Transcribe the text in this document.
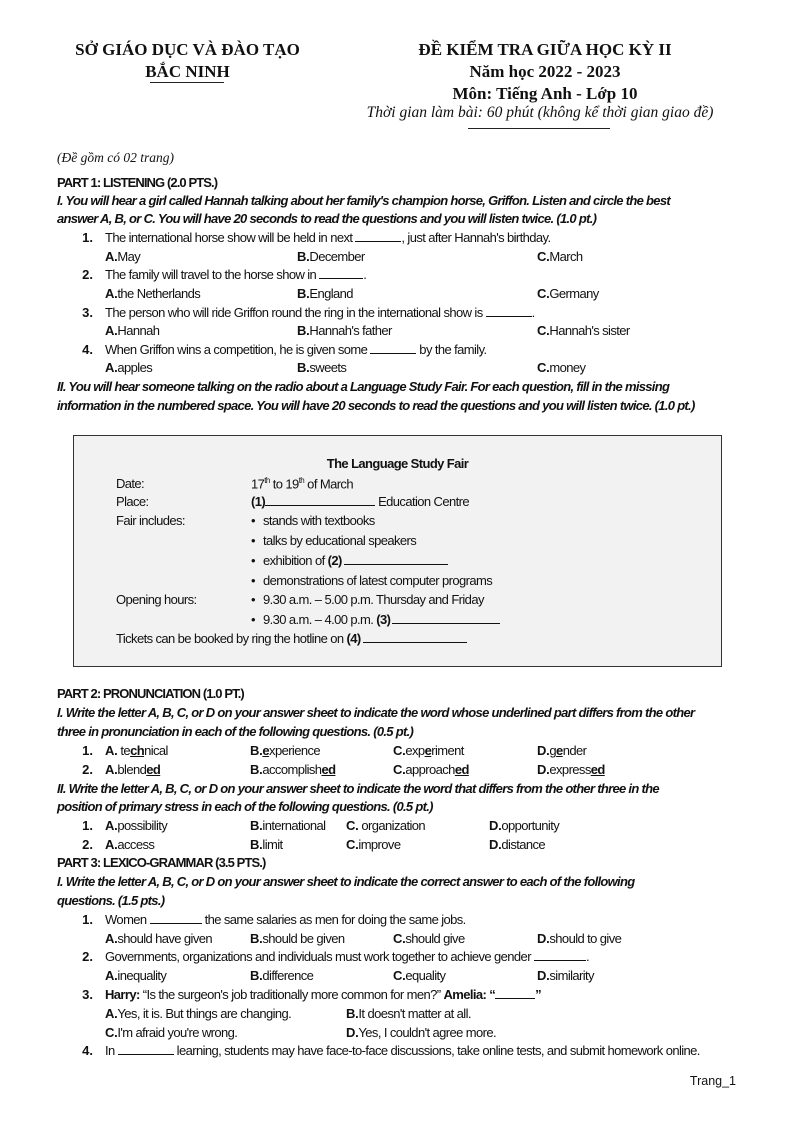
SỞ GIÁO DỤC VÀ ĐÀO TẠO
BẮC NINH
ĐỀ KIỂM TRA GIỮA HỌC KỲ II
Năm học 2022 - 2023
Môn: Tiếng Anh - Lớp 10
Thời gian làm bài: 60 phút (không kể thời gian giao đề)
(Đề gồm có 02 trang)
PART 1: LISTENING (2.0 PTS.)
I. You will hear a girl called Hannah talking about her family's champion horse, Griffon. Listen and circle the best
answer A, B, or C. You will have 20 seconds to read the questions and you will listen twice. (1.0 pt.)
1. The international horse show will be held in next	, just after Hannah's birthday.
A.May	B.December	C.March
2. The family will travel to the horse show in	.
A.the Netherlands	B.England	C.Germany
3. The person who will ride Griffon round the ring in the international show is	.
A.Hannah	B.Hannah's father	C.Hannah's sister
4. When Griffon wins a competition, he is given some	by the family.
A.apples	B.sweets	C.money
II. You will hear someone talking on the radio about a Language Study Fair. For each question, fill in the missing
information in the numbered space. You will have 20 seconds to read the questions and you will listen twice. (1.0 pt.)
The Language Study Fair
Date:	17th to 19th of March
Place:	(1)	Education Centre
Fair includes:	• stands with textbooks
• talks by educational speakers
• exhibition of (2)
• demonstrations of latest computer programs
Opening hours:	• 9.30 a.m. – 5.00 p.m. Thursday and Friday
• 9.30 a.m. – 4.00 p.m. (3)
Tickets can be booked by ring the hotline on (4)
PART 2: PRONUNCIATION (1.0 PT.)
I. Write the letter A, B, C, or D on your answer sheet to indicate the word whose underlined part differs from the other
three in pronunciation in each of the following questions. (0.5 pt.)
1. A. technical	B.experience	C.experiment	D.gender
2. A.blended	B.accomplished	C.approached	D.expressed
II. Write the letter A, B, C, or D on your answer sheet to indicate the word that differs from the other three in the
position of primary stress in each of the following questions. (0.5 pt.)
1. A.possibility	B.international C. organization	D.opportunity
2. A.access	B.limit	C.improve	D.distance
PART 3: LEXICO-GRAMMAR (3.5 PTS.)
I. Write the letter A, B, C, or D on your answer sheet to indicate the correct answer to each of the following
questions. (1.5 pts.)
1. Women	the same salaries as men for doing the same jobs.
A.should have given	B.should be given	C.should give	D.should to give
2. Governments, organizations and individuals must work together to achieve gender	.
A.inequality	B.difference	C.equality	D.similarity
3. Harry: “Is the surgeon's job traditionally more common for men?” Amelia: “	”
A.Yes, it is. But things are changing.	B.It doesn't matter at all.
C.I'm afraid you're wrong.	D.Yes, I couldn't agree more.
4. In	learning, students may have face-to-face discussions, take online tests, and submit homework online.
Trang_1
